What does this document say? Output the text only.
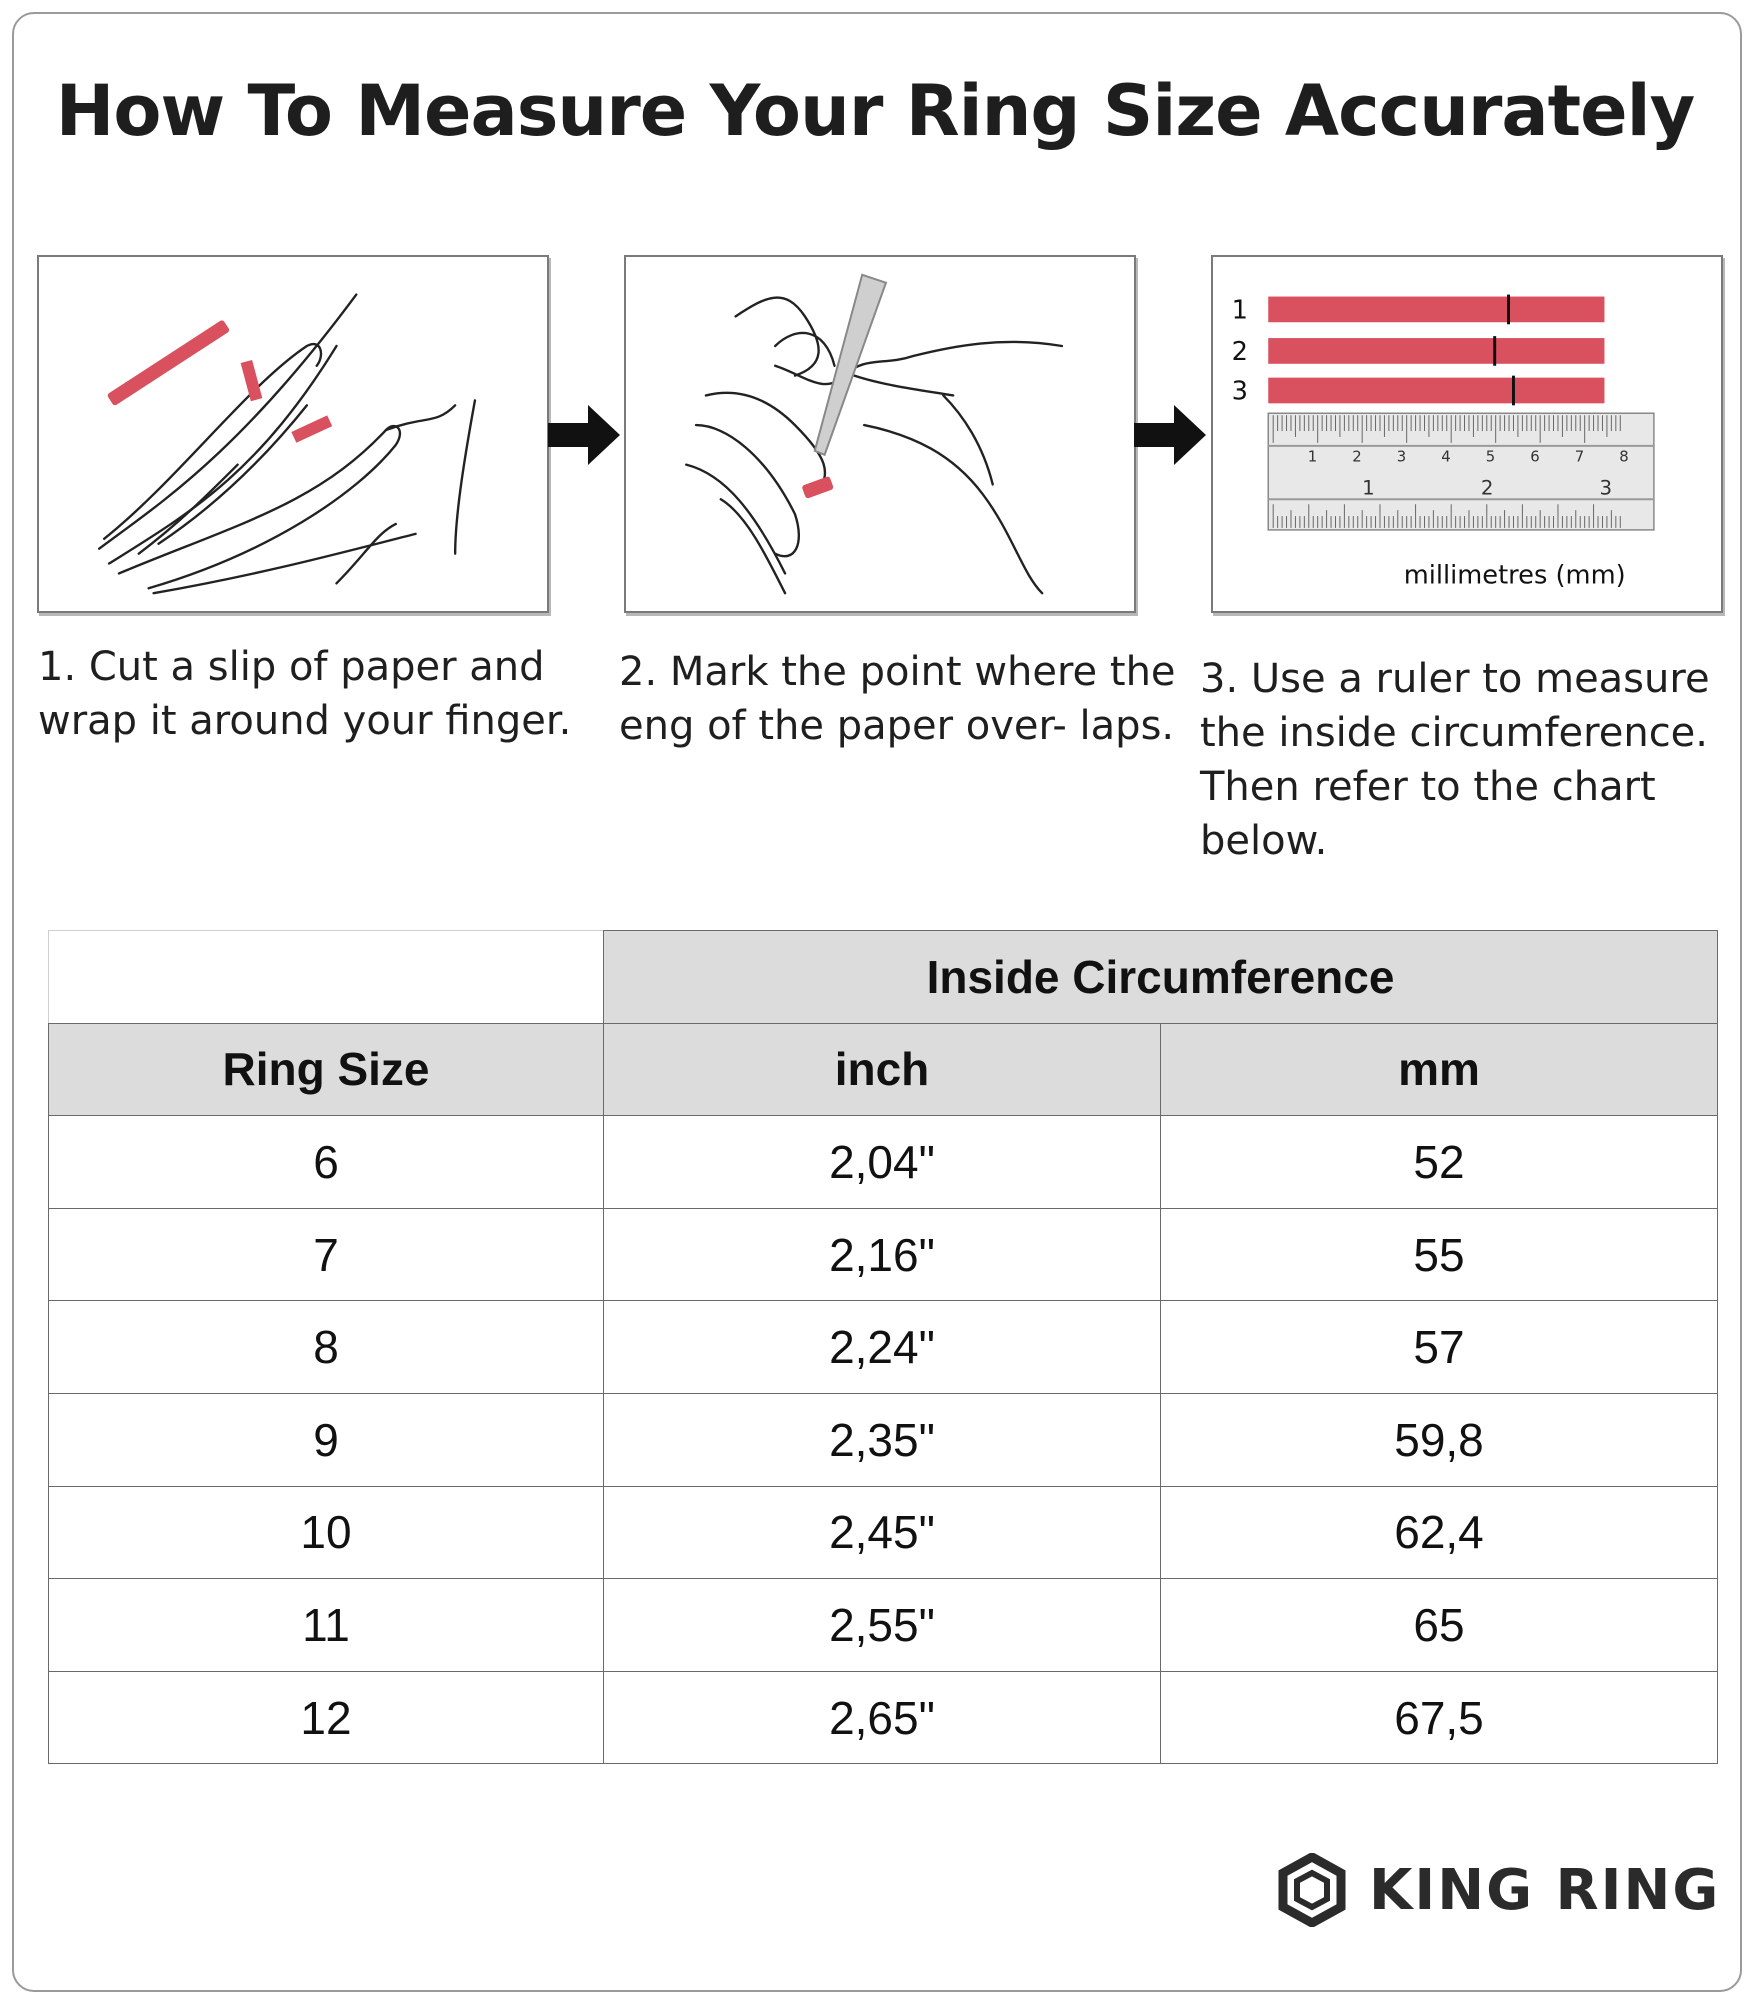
How To Measure Your Ring Size Accurately
1
2
3
1 2 3 4 5 6 7 8
1	2	3
millimetres (mm)

1. Cut a slip of paper and wrap it around your finger.

2. Mark the point where the eng of the paper over- laps.

3. Use a ruler to measure the inside circumference. Then refer to the chart below.

	Inside Circumference	
Ring Size	inch	mm
6	2,04"	52
7	2,16"	55
8	2,24"	57
9	2,35"	59,8
10	2,45"	62,4
11	2,55"	65
12	2,65"	67,5
KING RING
